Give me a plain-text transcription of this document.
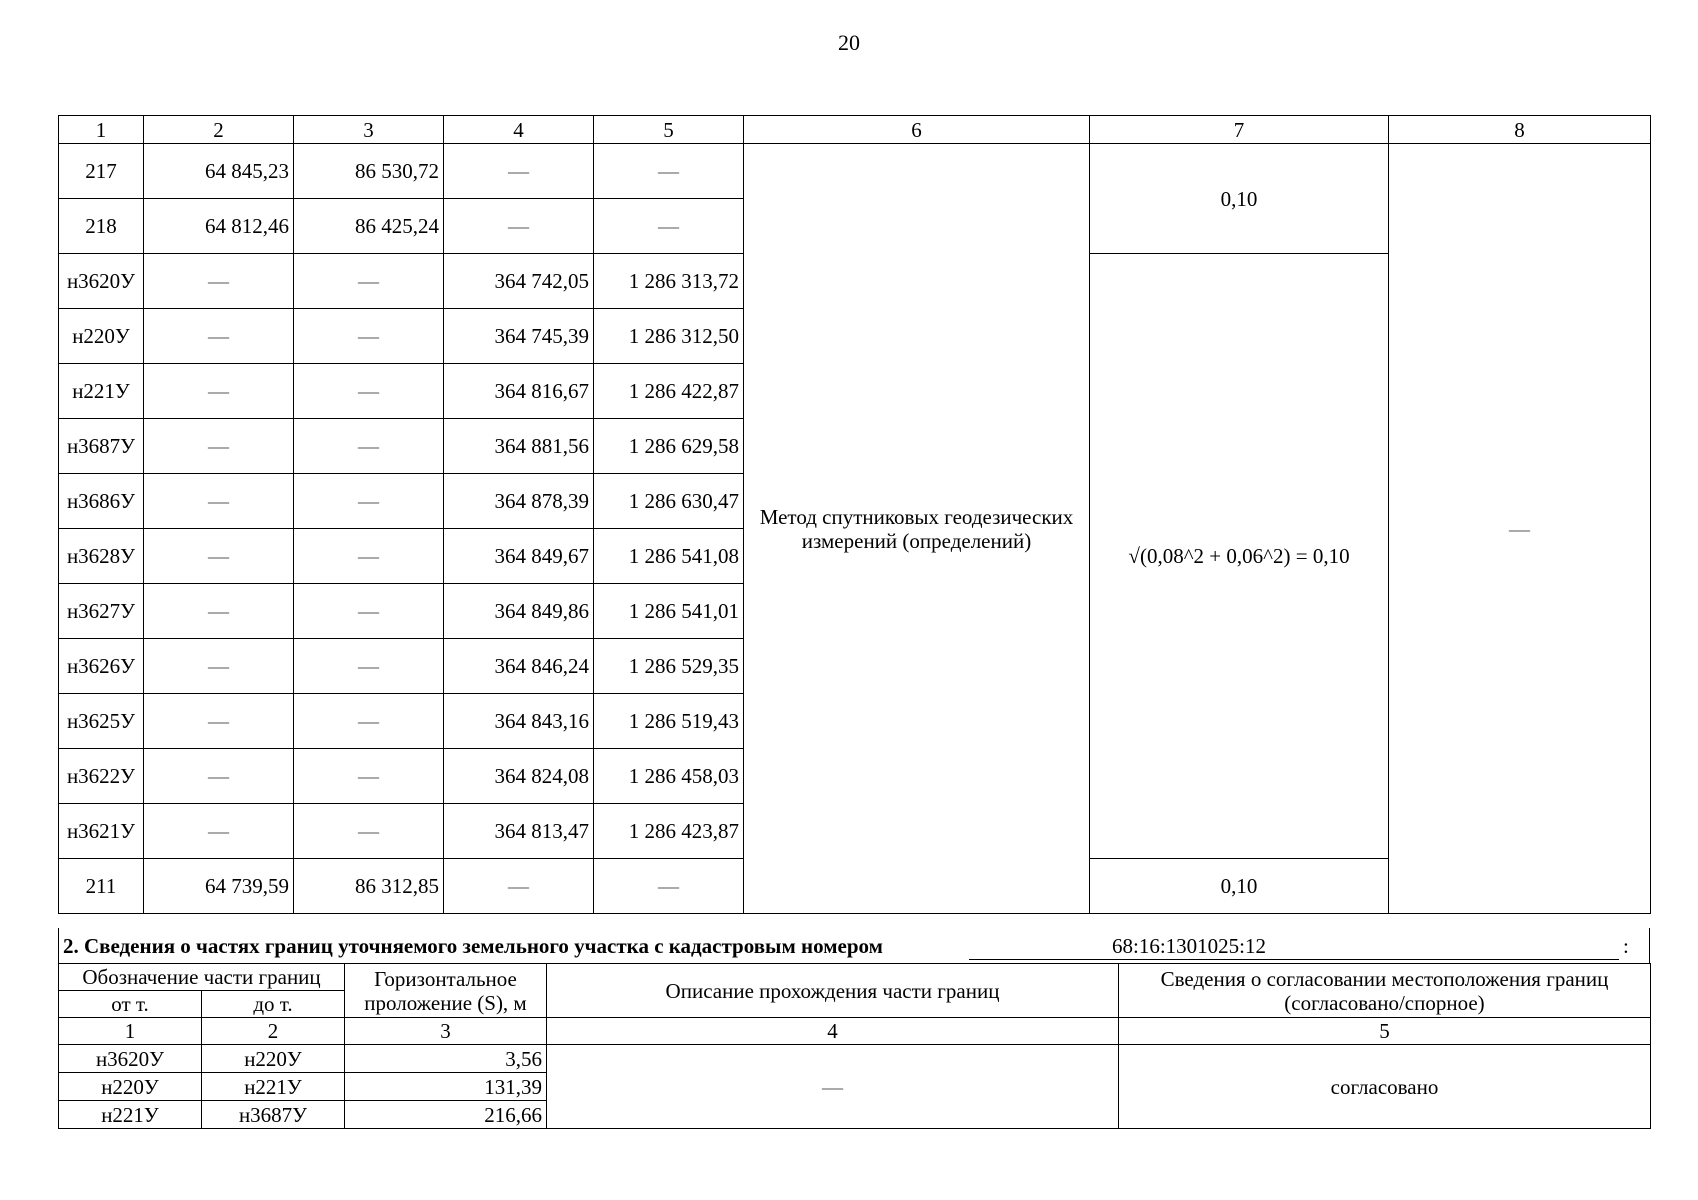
20
1	2	3	4	5	6	7	8
217	64 845,23	86 530,72	—	—	Метод спутниковых геодезических измерений (определений)	0,10	—
218	64 812,46	86 425,24	—	—			
н3620У	—	—	364 742,05	1 286 313,72		√(0,08^2 + 0,06^2) = 0,10	
н220У	—	—	364 745,39	1 286 312,50			
н221У	—	—	364 816,67	1 286 422,87			
н3687У	—	—	364 881,56	1 286 629,58			
н3686У	—	—	364 878,39	1 286 630,47			
н3628У	—	—	364 849,67	1 286 541,08			
н3627У	—	—	364 849,86	1 286 541,01			
н3626У	—	—	364 846,24	1 286 529,35			
н3625У	—	—	364 843,16	1 286 519,43			
н3622У	—	—	364 824,08	1 286 458,03			
н3621У	—	—	364 813,47	1 286 423,87			
211	64 739,59	86 312,85	—	—		0,10	
2. Сведения о частях границ уточняемого земельного участка с кадастровым номером	68:16:1301025:12	:
Обозначение части границ		Горизонтальное проложение (S), м	Описание прохождения части границ	Сведения о согласовании местоположения границ (согласовано/спорное)
от т.	до т.			
1	2	3	4	5
н3620У	н220У	3,56	—	согласовано
н220У	н221У	131,39		
н221У	н3687У	216,66		
